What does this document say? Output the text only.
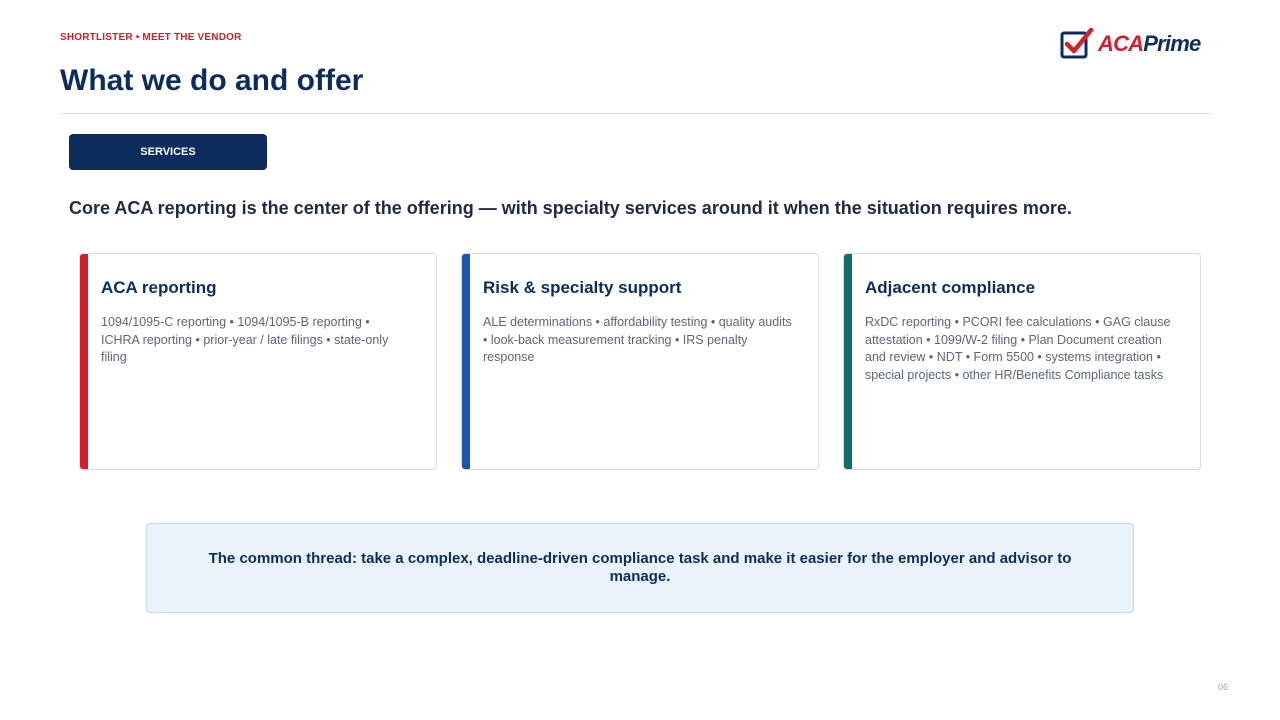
SHORTLISTER • MEET THE VENDOR
What we do and offer
ACAPrime
SERVICES

Core ACA reporting is the center of the offering — with specialty services around it when the situation requires more.

ACA reporting
1094/1095-C reporting • 1094/1095-B reporting • ICHRA reporting • prior-year / late filings • state-only filing
Risk & specialty support
ALE determinations • affordability testing • quality audits • look-back measurement tracking • IRS penalty response
Adjacent compliance
RxDC reporting • PCORI fee calculations • GAG clause attestation • 1099/W-2 filing • Plan Document creation and review • NDT • Form 5500 • systems integration • special projects • other HR/Benefits Compliance tasks
The common thread: take a complex, deadline-driven compliance task and make it easier for the employer and advisor to manage.
06
